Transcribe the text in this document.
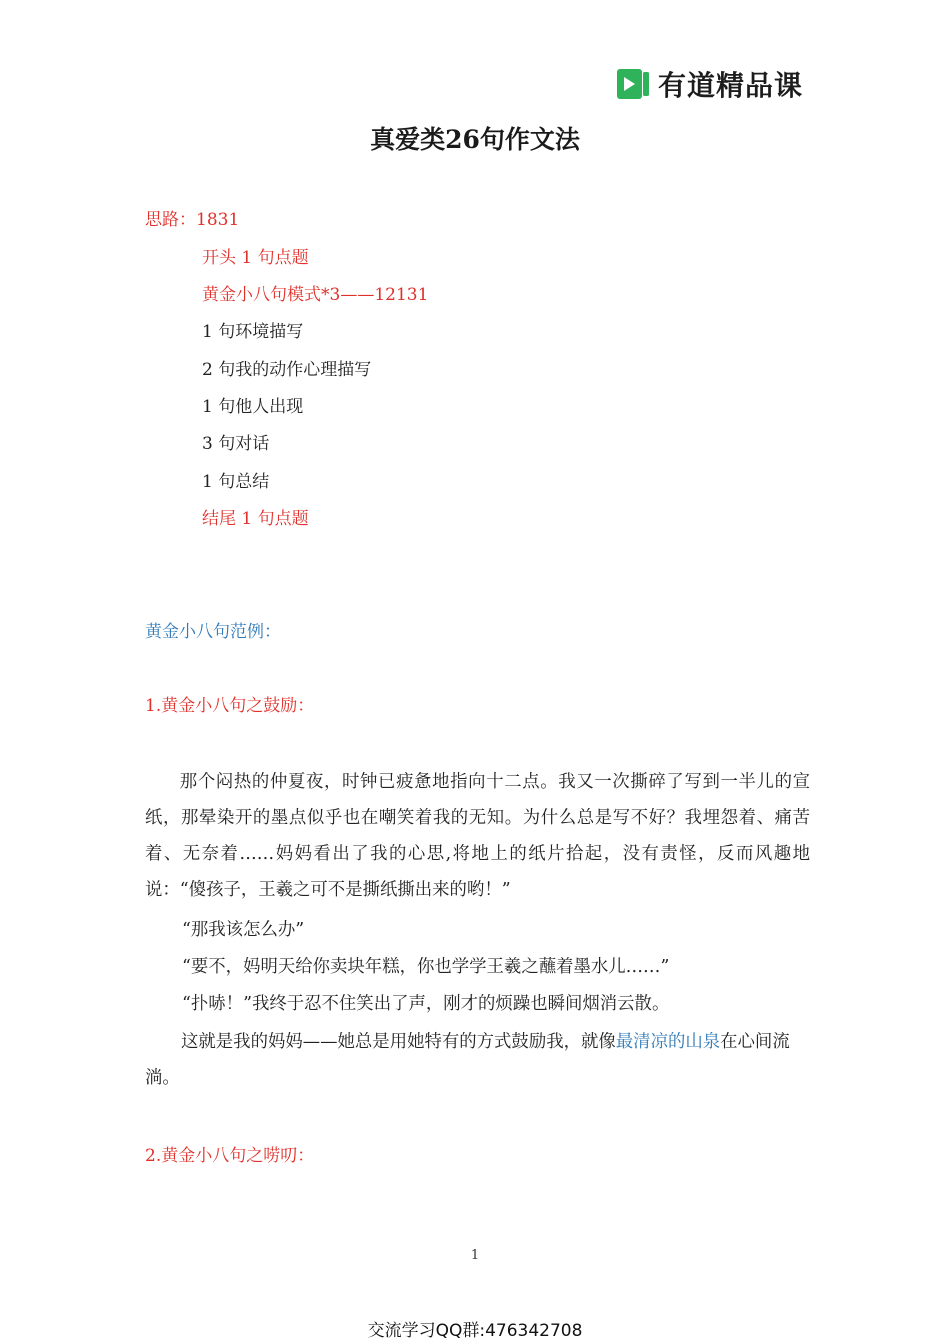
有道精品课
真爱类26句作文法
思路：1831
开头 1 句点题
黄金小八句模式*3——12131
1 句环境描写
2 句我的动作心理描写
1 句他人出现
3 句对话
1 句总结
结尾 1 句点题
黄金小八句范例：
1.黄金小八句之鼓励：
那个闷热的仲夏夜，时钟已疲惫地指向十二点。我又一次撕碎了写到一半儿的宣纸，那晕染开的墨点似乎也在嘲笑着我的无知。为什么总是写不好？我埋怨着、痛苦着、无奈着……妈妈看出了我的心思,将地上的纸片拾起，没有责怪，反而风趣地说：“傻孩子，王羲之可不是撕纸撕出来的哟！”
“那我该怎么办”
“要不，妈明天给你卖块年糕，你也学学王羲之蘸着墨水儿……”
“扑哧！”我终于忍不住笑出了声，刚才的烦躁也瞬间烟消云散。
这就是我的妈妈——她总是用她特有的方式鼓励我，就像最清凉的山泉在心间流淌。
2.黄金小八句之唠叨：
1
交流学习QQ群:476342708
